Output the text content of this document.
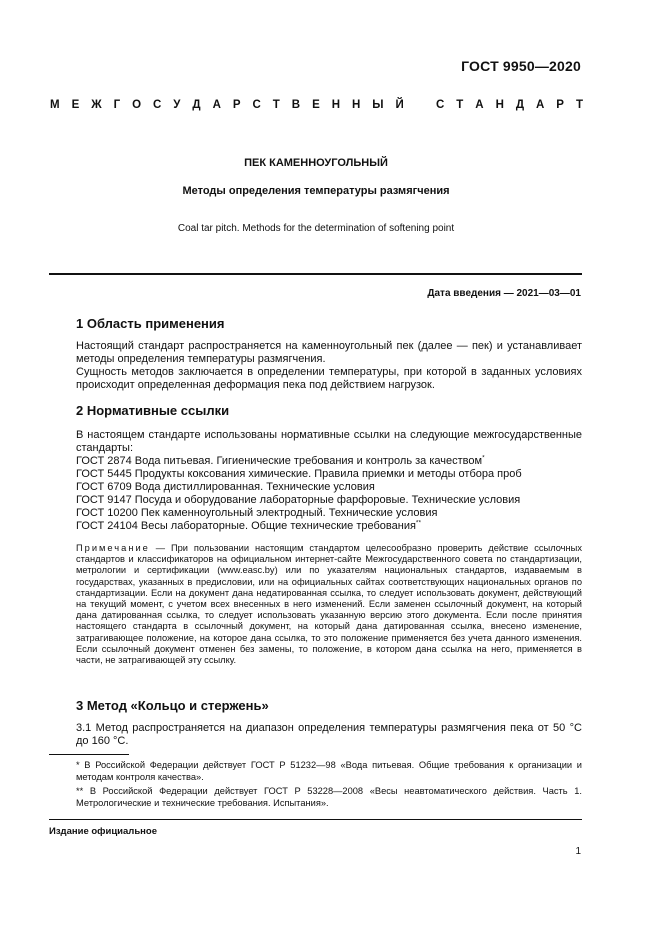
ГОСТ 9950—2020
М Е Ж Г О С У Д А Р С Т В Е Н Н Ы Й	С Т А Н Д А Р Т
ПЕК КАМЕННОУГОЛЬНЫЙ
Методы определения температуры размягчения
Coal tar pitch. Methods for the determination of softening point
Дата введения — 2021—03—01
1 Область применения
Настоящий стандарт распространяется на каменноугольный пек (далее — пек) и устанавливает методы определения температуры размягчения.
Сущность методов заключается в определении температуры, при которой в заданных условиях происходит определенная деформация пека под действием нагрузок.
2 Нормативные ссылки
В настоящем стандарте использованы нормативные ссылки на следующие межгосударственные стандарты:
ГОСТ 2874 Вода питьевая. Гигиенические требования и контроль за качеством*
ГОСТ 5445 Продукты коксования химические. Правила приемки и методы отбора проб
ГОСТ 6709 Вода дистиллированная. Технические условия
ГОСТ 9147 Посуда и оборудование лабораторные фарфоровые. Технические условия
ГОСТ 10200 Пек каменноугольный электродный. Технические условия
ГОСТ 24104 Весы лабораторные. Общие технические требования**
Примечание — При пользовании настоящим стандартом целесообразно проверить действие ссылочных стандартов и классификаторов на официальном интернет-сайте Межгосударственного совета по стандартизации, метрологии и сертификации (www.easc.by) или по указателям национальных стандартов, издаваемым в государствах, указанных в предисловии, или на официальных сайтах соответствующих национальных органов по стандартизации. Если на документ дана недатированная ссылка, то следует использовать документ, действующий на текущий момент, с учетом всех внесенных в него изменений. Если заменен ссылочный документ, на который дана датированная ссылка, то следует использовать указанную версию этого документа. Если после принятия настоящего стандарта в ссылочный документ, на который дана датированная ссылка, внесено изменение, затрагивающее положение, на которое дана ссылка, то это положение применяется без учета данного изменения. Если ссылочный документ отменен без замены, то положение, в котором дана ссылка на него, применяется в части, не затрагивающей эту ссылку.
3 Метод «Кольцо и стержень»
3.1 Метод распространяется на диапазон определения температуры размягчения пека от 50 °С до 160 °С.
* В Российской Федерации действует ГОСТ Р 51232—98 «Вода питьевая. Общие требования к организации и методам контроля качества».
** В Российской Федерации действует ГОСТ Р 53228—2008 «Весы неавтоматического действия. Часть 1. Метрологические и технические требования. Испытания».
Издание официальное
1
